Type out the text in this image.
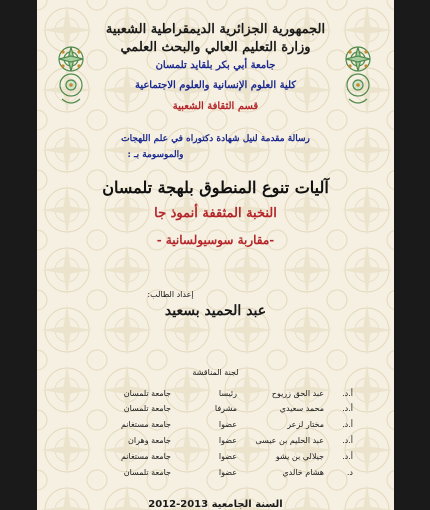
الجمهورية الجزائرية الديمقراطية الشعبية
وزارة التعليم العالي والبحث العلمي
جامعة أبي بكر بلقايد تلمسان
كلية العلوم الإنسانية والعلوم الاجتماعية
قسم الثقافة الشعبية
رسالة مقدمة لنيل شهادة دكتوراه في علم اللهجات
والموسومة بـ :
آليات تنوع المنطوق بلهجة تلمسان
النخبة المثقفة أنموذ جا
-مقاربة سوسيولسانية -
إعداد الطالب:
عبد الحميد بسعيد
لجنة المناقشة
أ.د.
عبد الحق زريوح
رئيسا
جامعة تلمسان
أ.د.
محمد سعيدي
مشرفا
جامعة تلمسان
أ.د.
مختار لزعر
عضوا
جامعة مستغانم
أ.د.
عبد الحليم بن عيسى
عضوا
جامعة وهران
أ.د.
جيلالي بن يشو
عضوا
جامعة مستغانم
د.
هشام خالدي
عضوا
جامعة تلمسان
السنة الجامعية 2013-2012
